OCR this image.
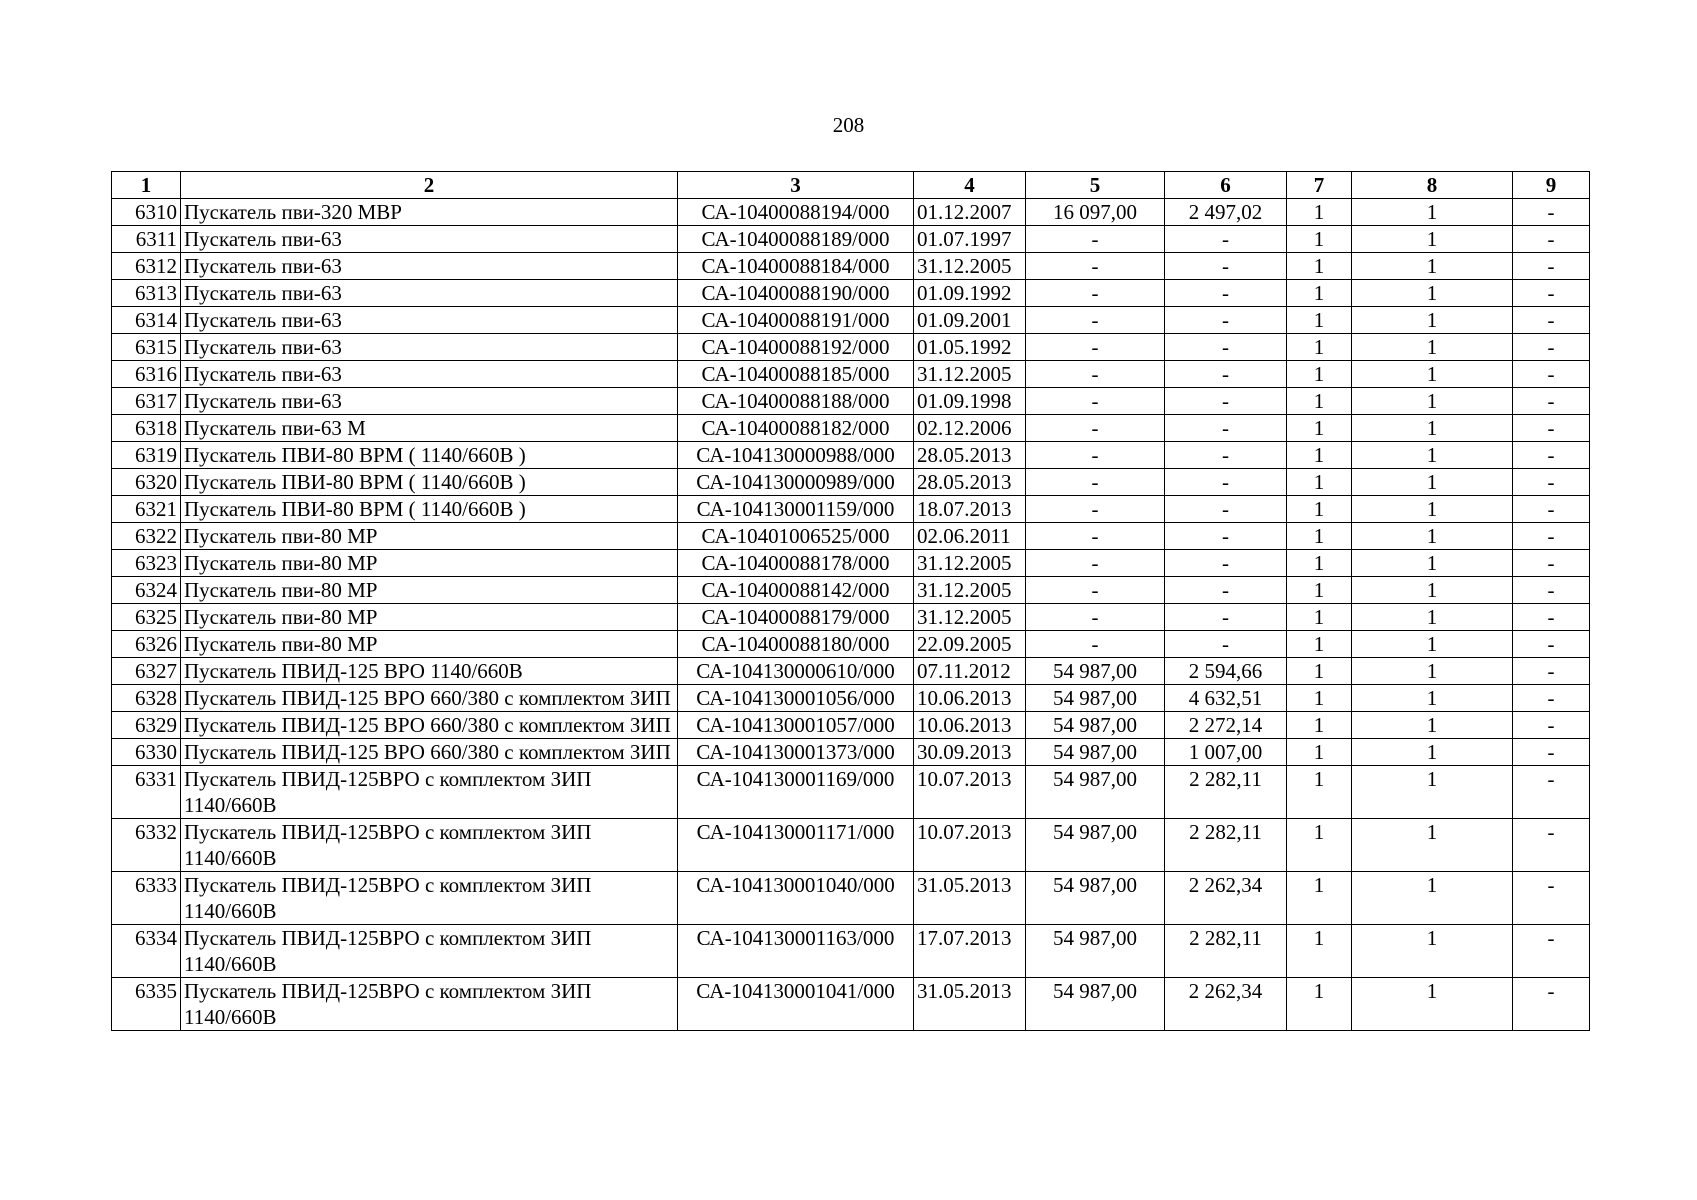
208
1	2	3	4	5	6	7	8	9
6310	Пускатель пви-320 МВР	СА-10400088194/000	01.12.2007	16 097,00	2 497,02	1	1	-
6311	Пускатель пви-63	СА-10400088189/000	01.07.1997	-	-	1	1	-
6312	Пускатель пви-63	СА-10400088184/000	31.12.2005	-	-	1	1	-
6313	Пускатель пви-63	СА-10400088190/000	01.09.1992	-	-	1	1	-
6314	Пускатель пви-63	СА-10400088191/000	01.09.2001	-	-	1	1	-
6315	Пускатель пви-63	СА-10400088192/000	01.05.1992	-	-	1	1	-
6316	Пускатель пви-63	СА-10400088185/000	31.12.2005	-	-	1	1	-
6317	Пускатель пви-63	СА-10400088188/000	01.09.1998	-	-	1	1	-
6318	Пускатель пви-63 М	СА-10400088182/000	02.12.2006	-	-	1	1	-
6319	Пускатель ПВИ-80 ВРМ ( 1140/660В )	СА-104130000988/000	28.05.2013	-	-	1	1	-
6320	Пускатель ПВИ-80 ВРМ ( 1140/660В )	СА-104130000989/000	28.05.2013	-	-	1	1	-
6321	Пускатель ПВИ-80 ВРМ ( 1140/660В )	СА-104130001159/000	18.07.2013	-	-	1	1	-
6322	Пускатель пви-80 МР	СА-10401006525/000	02.06.2011	-	-	1	1	-
6323	Пускатель пви-80 МР	СА-10400088178/000	31.12.2005	-	-	1	1	-
6324	Пускатель пви-80 МР	СА-10400088142/000	31.12.2005	-	-	1	1	-
6325	Пускатель пви-80 МР	СА-10400088179/000	31.12.2005	-	-	1	1	-
6326	Пускатель пви-80 МР	СА-10400088180/000	22.09.2005	-	-	1	1	-
6327	Пускатель ПВИД-125 ВРО 1140/660В	СА-104130000610/000	07.11.2012	54 987,00	2 594,66	1	1	-
6328	Пускатель ПВИД-125 ВРО 660/380 с комплектом ЗИП	СА-104130001056/000	10.06.2013	54 987,00	4 632,51	1	1	-
6329	Пускатель ПВИД-125 ВРО 660/380 с комплектом ЗИП	СА-104130001057/000	10.06.2013	54 987,00	2 272,14	1	1	-
6330	Пускатель ПВИД-125 ВРО 660/380 с комплектом ЗИП	СА-104130001373/000	30.09.2013	54 987,00	1 007,00	1	1	-
6331	Пускатель ПВИД-125ВРО с комплектом ЗИП 1140/660В	СА-104130001169/000	10.07.2013	54 987,00	2 282,11	1	1	-
6332	Пускатель ПВИД-125ВРО с комплектом ЗИП 1140/660В	СА-104130001171/000	10.07.2013	54 987,00	2 282,11	1	1	-
6333	Пускатель ПВИД-125ВРО с комплектом ЗИП 1140/660В	СА-104130001040/000	31.05.2013	54 987,00	2 262,34	1	1	-
6334	Пускатель ПВИД-125ВРО с комплектом ЗИП 1140/660В	СА-104130001163/000	17.07.2013	54 987,00	2 282,11	1	1	-
6335	Пускатель ПВИД-125ВРО с комплектом ЗИП 1140/660В	СА-104130001041/000	31.05.2013	54 987,00	2 262,34	1	1	-
